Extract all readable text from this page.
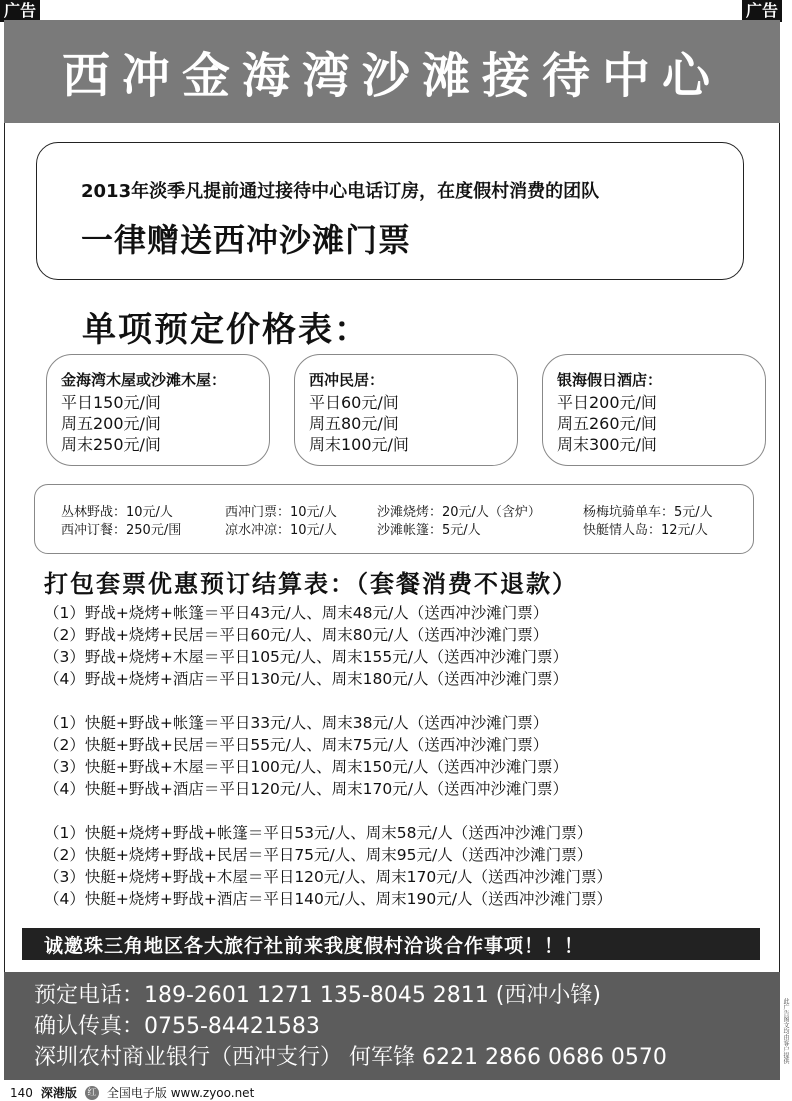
广告	广告
西冲金海湾沙滩接待中心
2013年淡季凡提前通过接待中心电话订房，在度假村消费的团队
一律赠送西冲沙滩门票
单项预定价格表：
金海湾木屋或沙滩木屋：
平日150元/间
周五200元/间
周末250元/间
西冲民居：
平日60元/间
周五80元/间
周末100元/间
银海假日酒店：
平日200元/间
周五260元/间
周末300元/间
丛林野战：10元/人	西冲门票：10元/人	沙滩烧烤：20元/人（含炉）	杨梅坑骑单车：5元/人
西冲订餐：250元/围	凉水冲凉：10元/人	沙滩帐篷：5元/人	快艇情人岛：12元/人
打包套票优惠预订结算表：（套餐消费不退款）
（1）野战+烧烤+帐篷＝平日43元/人、周末48元/人（送西冲沙滩门票）
（2）野战+烧烤+民居＝平日60元/人、周末80元/人（送西冲沙滩门票）
（3）野战+烧烤+木屋＝平日105元/人、周末155元/人（送西冲沙滩门票）
（4）野战+烧烤+酒店＝平日130元/人、周末180元/人（送西冲沙滩门票）
（1）快艇+野战+帐篷＝平日33元/人、周末38元/人（送西冲沙滩门票）
（2）快艇+野战+民居＝平日55元/人、周末75元/人（送西冲沙滩门票）
（3）快艇+野战+木屋＝平日100元/人、周末150元/人（送西冲沙滩门票）
（4）快艇+野战+酒店＝平日120元/人、周末170元/人（送西冲沙滩门票）
（1）快艇+烧烤+野战+帐篷＝平日53元/人、周末58元/人（送西冲沙滩门票）
（2）快艇+烧烤+野战+民居＝平日75元/人、周末95元/人（送西冲沙滩门票）
（3）快艇+烧烤+野战+木屋＝平日120元/人、周末170元/人（送西冲沙滩门票）
（4）快艇+烧烤+野战+酒店＝平日140元/人、周末190元/人（送西冲沙滩门票）
诚邀珠三角地区各大旅行社前来我度假村洽谈合作事项！！！
预定电话：189-2601 1271 135-8045 2811 (西冲小锋)
确认传真：0755-84421583
深圳农村商业银行（西冲支行） 何军锋 6221 2866 0686 0570	此广告图文均由客户提供
140 深港版 红 全国电子版 www.zyoo.net
